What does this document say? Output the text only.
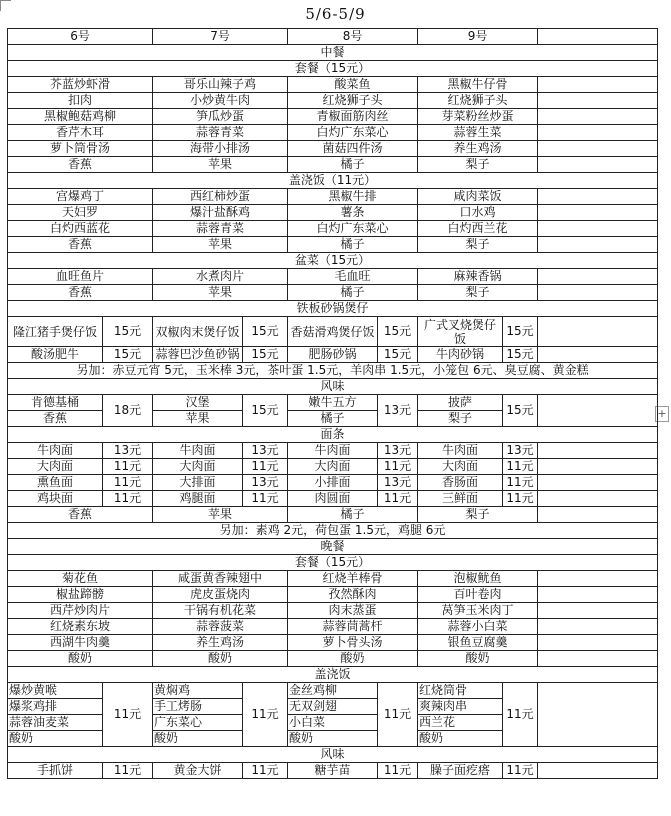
+
5/6-5/9
6号		7号		8号		9号		
中餐								
套餐（15元）								
芥蓝炒虾滑		哥乐山辣子鸡		酸菜鱼		黑椒牛仔骨		
扣肉		小炒黄牛肉		红烧狮子头		红烧狮子头		
黑椒鲍菇鸡柳		笋瓜炒蛋		青椒面筋肉丝		芽菜粉丝炒蛋		
香芹木耳		蒜蓉青菜		白灼广东菜心		蒜蓉生菜		
萝卜筒骨汤		海带小排汤		菌菇四件汤		养生鸡汤		
香蕉		苹果		橘子		梨子		
盖浇饭（11元）								
宫爆鸡丁		西红柿炒蛋		黑椒牛排		咸肉菜饭		
天妇罗		爆汁盐酥鸡		薯条		口水鸡		
白灼西蓝花		蒜蓉青菜		白灼广东菜心		白灼西兰花		
香蕉		苹果		橘子		梨子		
盆菜（15元）								
血旺鱼片		水煮肉片		毛血旺		麻辣香锅		
香蕉		苹果		橘子		梨子		
铁板砂锅煲仔								
隆江猪手煲仔饭	15元	双椒肉末煲仔饭	15元	香菇滑鸡煲仔饭	15元	广式叉烧煲仔饭	15元	
酸汤肥牛	15元	蒜蓉巴沙鱼砂锅	15元	肥肠砂锅	15元	牛肉砂锅	15元	
另加：赤豆元宵 5元，玉米棒 3元，茶叶蛋 1.5元，羊肉串 1.5元，小笼包 6元、臭豆腐、黄金糕								
风味								
肯德基桶	18元	汉堡	15元	嫩牛五方	13元	披萨	15元	
香蕉		苹果		橘子		梨子		
面条								
牛肉面	13元	牛肉面	13元	牛肉面	13元	牛肉面	13元	
大肉面	11元	大肉面	11元	大肉面	11元	大肉面	11元	
熏鱼面	11元	大排面	13元	小排面	13元	香肠面	11元	
鸡块面	11元	鸡腿面	11元	肉圆面	11元	三鲜面	11元	
香蕉		苹果		橘子		梨子		
另加：素鸡 2元，荷包蛋 1.5元，鸡腿 6元								
晚餐								
套餐（15元）								
菊花鱼		咸蛋黄香辣翅中		红烧羊棒骨		泡椒鱿鱼		
椒盐蹄髈		虎皮蛋烧肉		孜然酥肉		百叶卷肉		
西芹炒肉片		干锅有机花菜		肉末蒸蛋		莴笋玉米肉丁		
红烧素东坡		蒜蓉菠菜		蒜蓉茼蒿杆		蒜蓉小白菜		
西湖牛肉羹		养生鸡汤		萝卜骨头汤		银鱼豆腐羹		
酸奶		酸奶		酸奶		酸奶		
盖浇饭								
爆炒黄喉	11元	黄焖鸡	11元	金丝鸡柳	11元	红烧筒骨	11元	
爆浆鸡排		手工烤肠		无双剑翅		爽辣肉串		
蒜蓉油麦菜		广东菜心		小白菜		西兰花		
酸奶		酸奶		酸奶		酸奶		
风味								
手抓饼	11元	黄金大饼	11元	糖芋苗	11元	臊子面疙瘩	11元	
